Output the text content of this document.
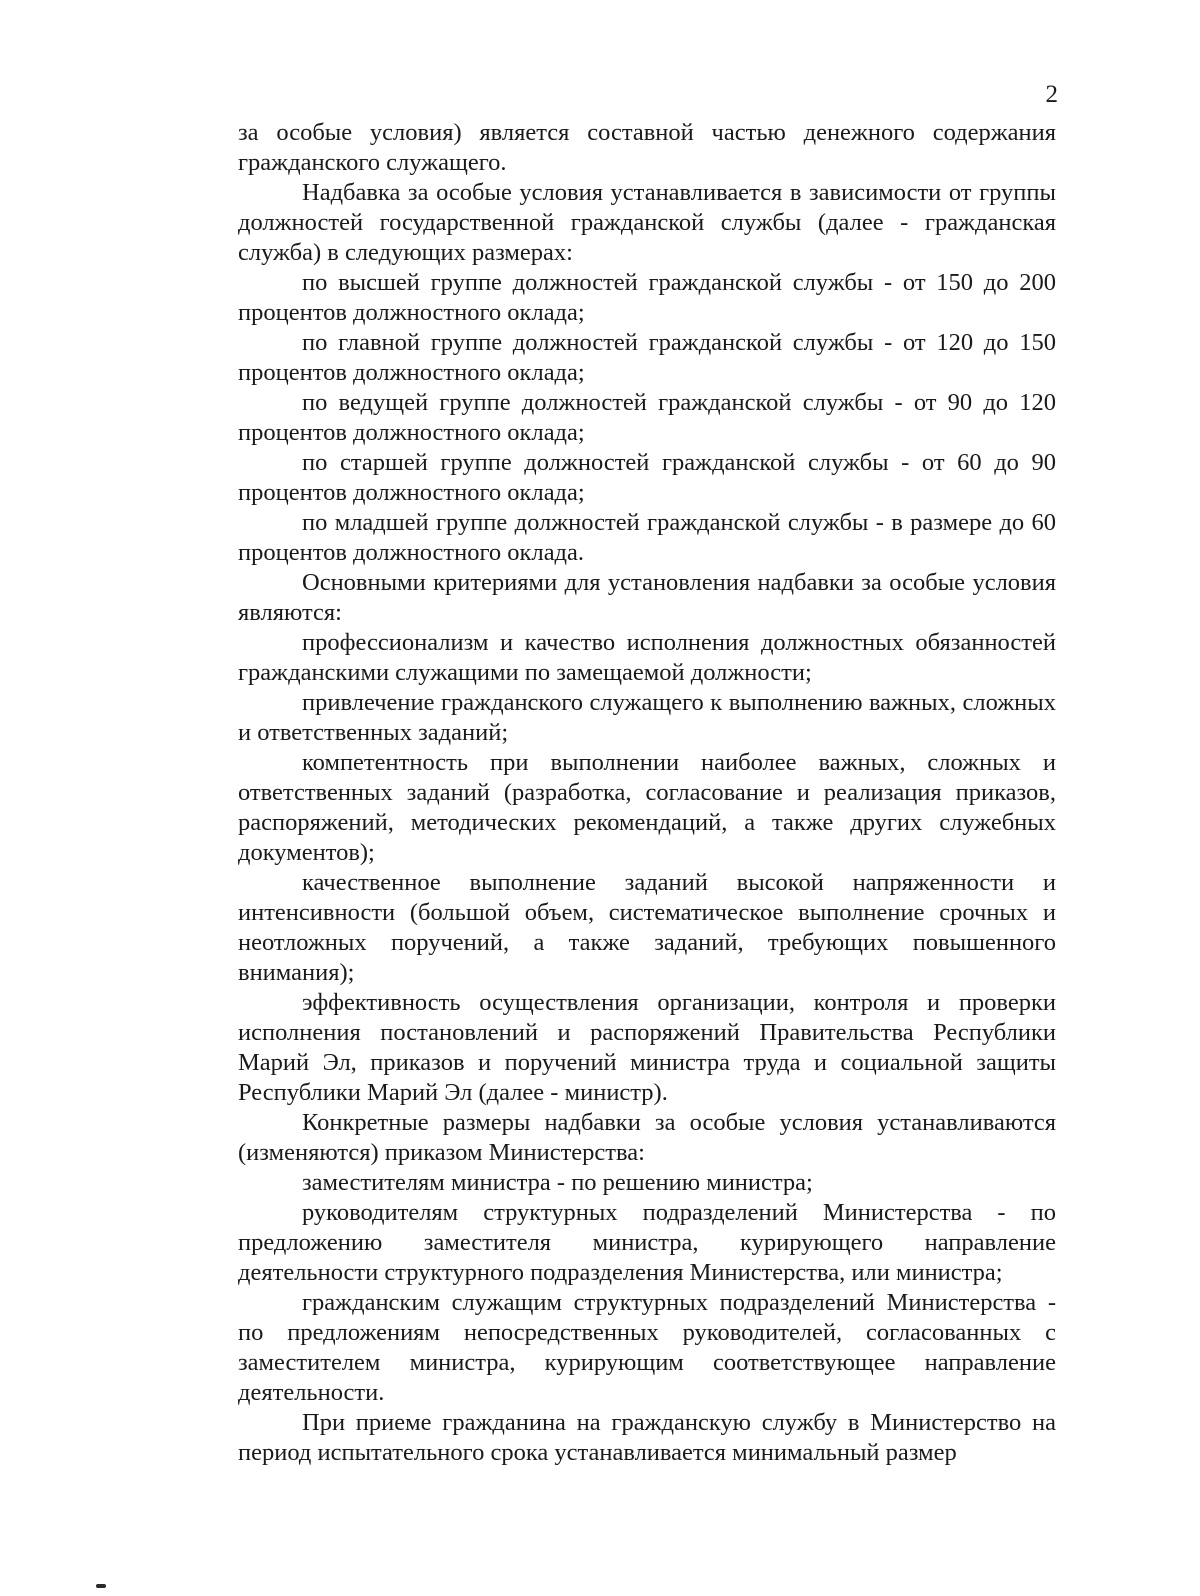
2

за особые условия) является составной частью денежного содержания гражданского служащего.

Надбавка за особые условия устанавливается в зависимости от группы должностей государственной гражданской службы (далее - гражданская служба) в следующих размерах:

по высшей группе должностей гражданской службы - от 150 до 200 процентов должностного оклада;

по главной группе должностей гражданской службы - от 120 до 150 процентов должностного оклада;

по ведущей группе должностей гражданской службы - от 90 до 120 процентов должностного оклада;

по старшей группе должностей гражданской службы - от 60 до 90 процентов должностного оклада;

по младшей группе должностей гражданской службы - в размере до 60 процентов должностного оклада.

Основными критериями для установления надбавки за особые условия являются:

профессионализм и качество исполнения должностных обязанностей гражданскими служащими по замещаемой должности;

привлечение гражданского служащего к выполнению важных, сложных и ответственных заданий;

компетентность при выполнении наиболее важных, сложных и ответственных заданий (разработка, согласование и реализация приказов, распоряжений, методических рекомендаций, а также других служебных документов);

качественное выполнение заданий высокой напряженности и интенсивности (большой объем, систематическое выполнение срочных и неотложных поручений, а также заданий, требующих повышенного внимания);

эффективность осуществления организации, контроля и проверки исполнения постановлений и распоряжений Правительства Республики Марий Эл, приказов и поручений министра труда и социальной защиты Республики Марий Эл (далее - министр).

Конкретные размеры надбавки за особые условия устанавливаются (изменяются) приказом Министерства:

заместителям министра - по решению министра;

руководителям структурных подразделений Министерства - по предложению заместителя министра, курирующего направление деятельности структурного подразделения Министерства, или министра;

гражданским служащим структурных подразделений Министерства - по предложениям непосредственных руководителей, согласованных с заместителем министра, курирующим соответствующее направление деятельности.

При приеме гражданина на гражданскую службу в Министерство на период испытательного срока устанавливается минимальный размер
